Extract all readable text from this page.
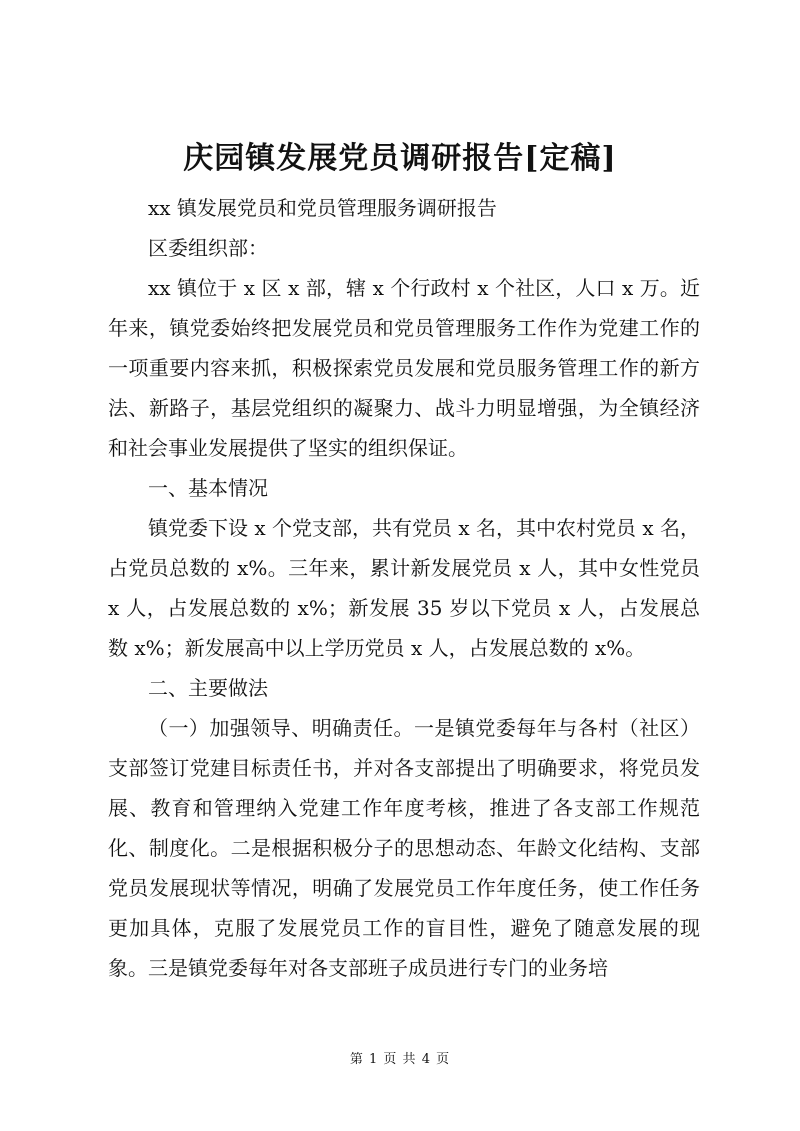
庆园镇发展党员调研报告[定稿]

xx 镇发展党员和党员管理服务调研报告

区委组织部：

xx 镇位于 x 区 x 部，辖 x 个行政村 x 个社区，人口 x 万。近年来，镇党委始终把发展党员和党员管理服务工作作为党建工作的一项重要内容来抓，积极探索党员发展和党员服务管理工作的新方法、新路子，基层党组织的凝聚力、战斗力明显增强，为全镇经济和社会事业发展提供了坚实的组织保证。

一、基本情况

镇党委下设 x 个党支部，共有党员 x 名，其中农村党员 x 名，占党员总数的 x%。三年来，累计新发展党员 x 人，其中女性党员 x 人，占发展总数的 x%；新发展 35 岁以下党员 x 人，占发展总数 x%；新发展高中以上学历党员 x 人，占发展总数的 x%。

二、主要做法

（一）加强领导、明确责任。一是镇党委每年与各村（社区）支部签订党建目标责任书，并对各支部提出了明确要求，将党员发展、教育和管理纳入党建工作年度考核，推进了各支部工作规范化、制度化。二是根据积极分子的思想动态、年龄文化结构、支部党员发展现状等情况，明确了发展党员工作年度任务，使工作任务更加具体，克服了发展党员工作的盲目性，避免了随意发展的现象。三是镇党委每年对各支部班子成员进行专门的业务培

第 1 页 共 4 页
